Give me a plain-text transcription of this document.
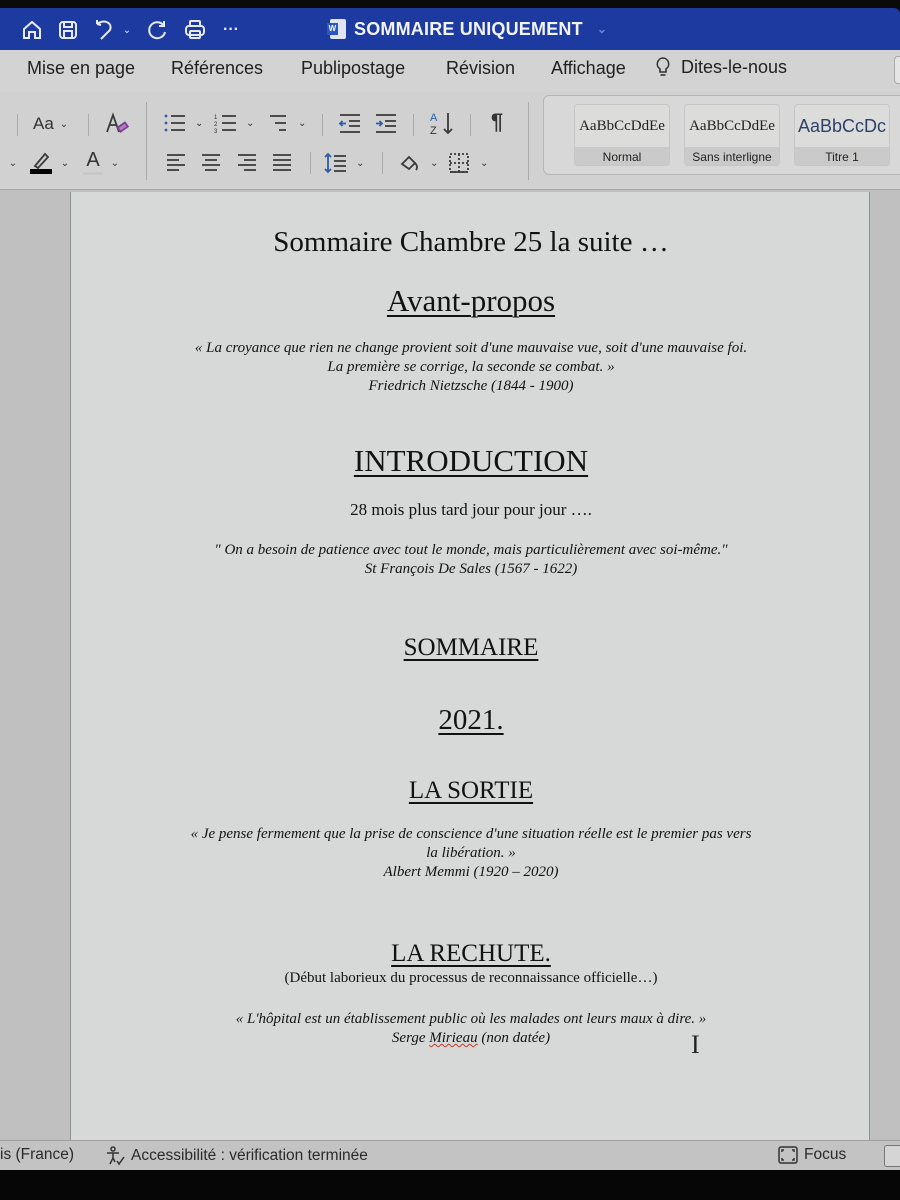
⌄	··· W	SOMMAIRE UNIQUEMENT ⌄
Mise en page Références Publipostage Révision Affichage	Dites-le-nous
Aa ⌄	⌄ 1
2
3
⌄	⌄	A
Z ¶
⌄	⌄ A ⌄	⌄	⌄	⌄
AaBbCcDdEe
Normal
AaBbCcDdEe
Sans interligne
AaBbCcDc
Titre 1
Sommaire Chambre 25 la suite …
Avant-propos
« La croyance que rien ne change provient soit d'une mauvaise vue, soit d'une mauvaise foi.
La première se corrige, la seconde se combat. »
Friedrich Nietzsche (1844 - 1900)
INTRODUCTION
28 mois plus tard jour pour jour ….
" On a besoin de patience avec tout le monde, mais particulièrement avec soi-même."
St François De Sales (1567 - 1622)
SOMMAIRE
2021.
LA SORTIE
« Je pense fermement que la prise de conscience d'une situation réelle est le premier pas vers
la libération. »
Albert Memmi (1920 – 2020)
LA RECHUTE.
(Début laborieux du processus de reconnaissance officielle…)
« L'hôpital est un établissement public où les malades ont leurs maux à dire. »
Serge Mirieau (non datée)	I
is (France)	Accessibilité : vérification terminée	Focus
